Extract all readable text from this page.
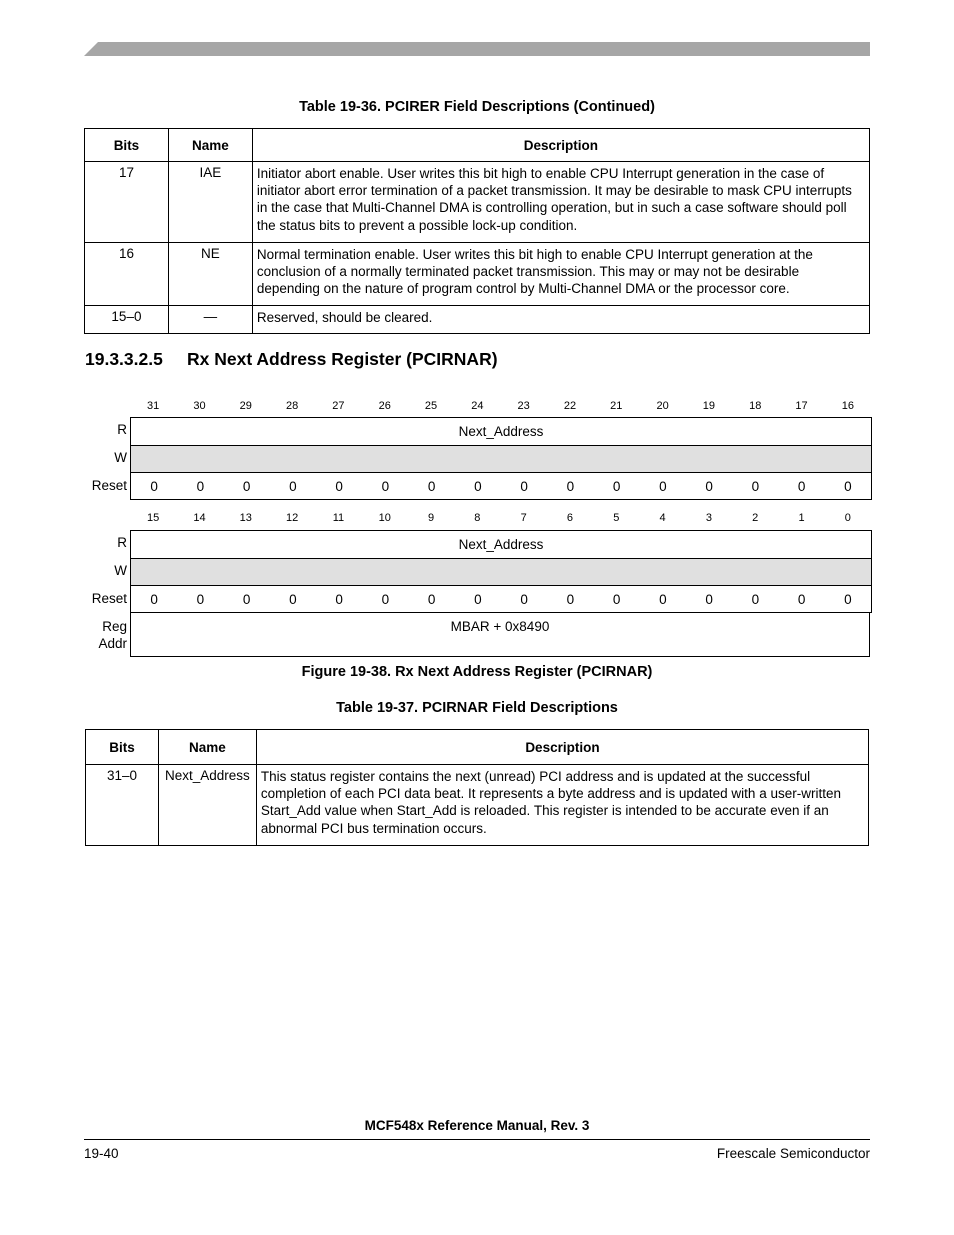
Table 19-36. PCIRER Field Descriptions (Continued)
Bits	Name	Description
17	IAE	Initiator abort enable. User writes this bit high to enable CPU Interrupt generation in the case of initiator abort error termination of a packet transmission. It may be desirable to mask CPU interrupts in the case that Multi-Channel DMA is controlling operation, but in such a case software should poll the status bits to prevent a possible lock-up condition.
16	NE	Normal termination enable. User writes this bit high to enable CPU Interrupt generation at the conclusion of a normally terminated packet transmission. This may or may not be desirable depending on the nature of program control by Multi-Channel DMA or the processor core.
15–0	—	Reserved, should be cleared.
19.3.3.2.5 Rx Next Address Register (PCIRNAR)
31	30	29	28	27	26	25	24	23	22	21	20	19	18	17	16
R
W
Reset
Next_Address
0	0	0	0	0	0	0	0	0	0	0	0	0	0	0	0
15	14	13	12	11	10	9	8	7	6	5	4	3	2	1	0
R
W
Reset
Reg
Addr
Next_Address
0	0	0	0	0	0	0	0	0	0	0	0	0	0	0	0
MBAR + 0x8490
Figure 19-38. Rx Next Address Register (PCIRNAR)
Table 19-37. PCIRNAR Field Descriptions
Bits	Name	Description
31–0	Next_Address	This status register contains the next (unread) PCI address and is updated at the successful completion of each PCI data beat. It represents a byte address and is updated with a user-written Start_Add value when Start_Add is reloaded. This register is intended to be accurate even if an abnormal PCI bus termination occurs.
MCF548x Reference Manual, Rev. 3
19-40	Freescale Semiconductor
